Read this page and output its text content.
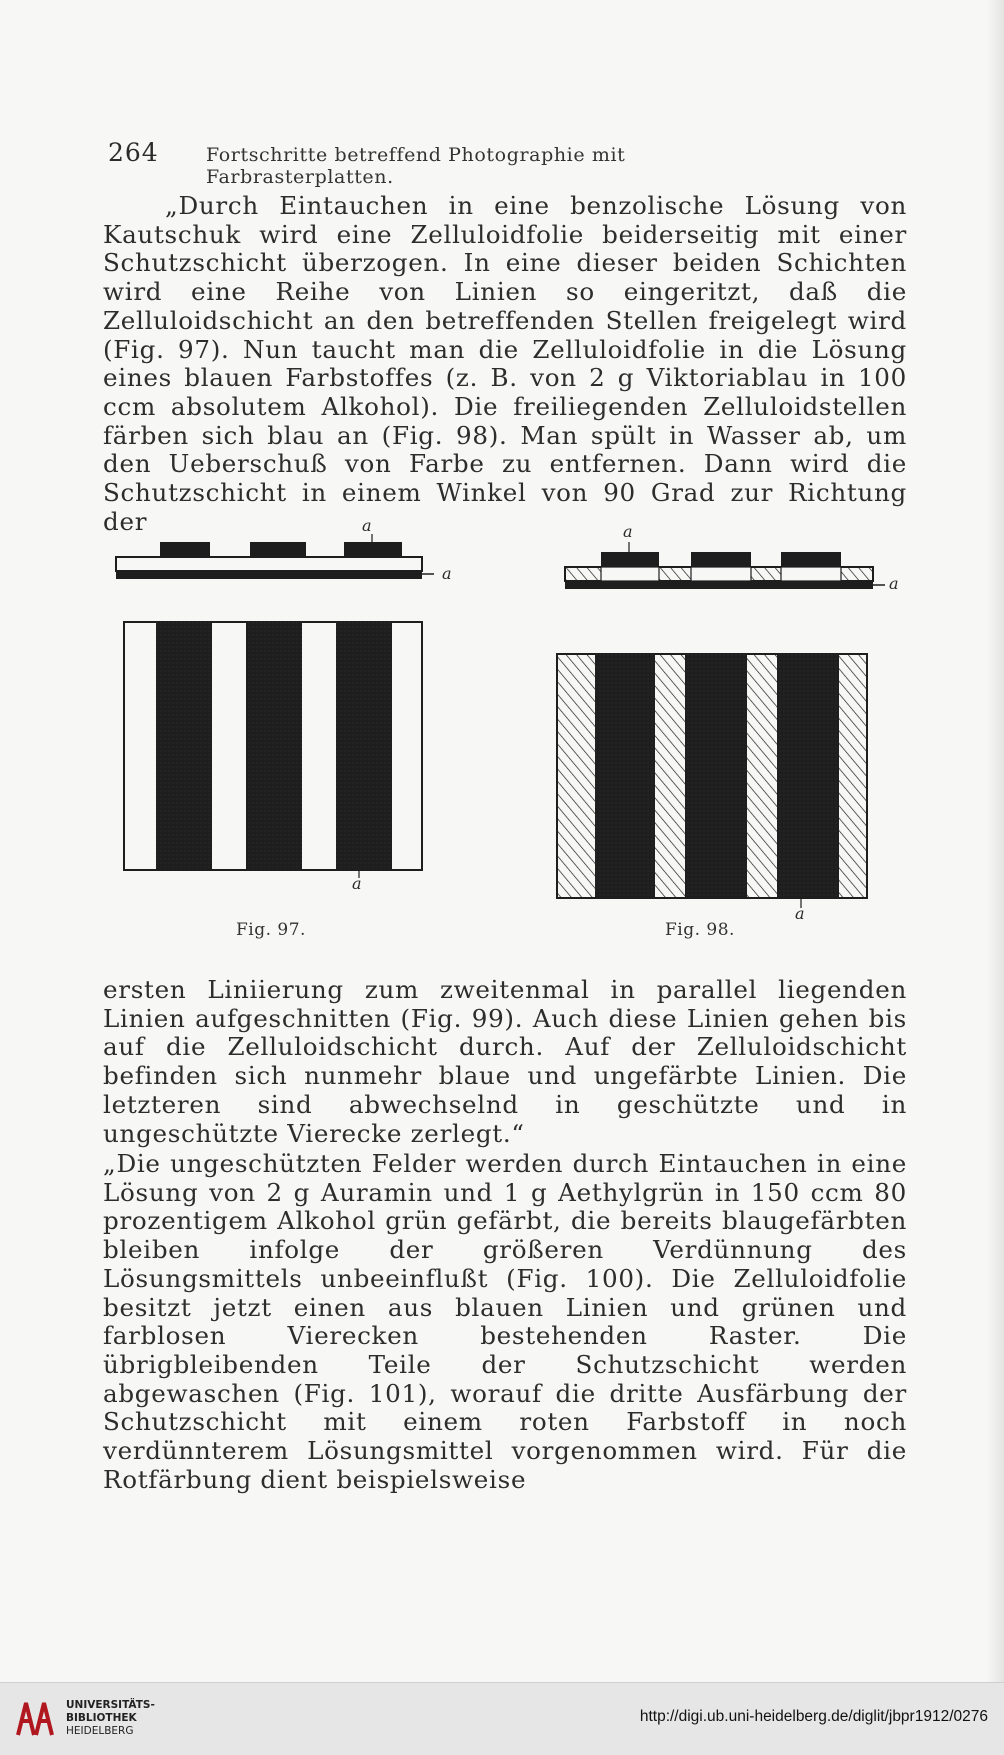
264 Fortschritte betreffend Photographie mit Farbrasterplatten.

„Durch Eintauchen in eine benzolische Lösung von Kautschuk wird eine Zelluloidfolie beiderseitig mit einer Schutzschicht überzogen. In eine dieser beiden Schichten wird eine Reihe von Linien so eingeritzt, daß die Zelluloidschicht an den betreffenden Stellen freigelegt wird (Fig. 97). Nun taucht man die Zelluloidfolie in die Lösung eines blauen Farbstoffes (z. B. von 2 g Viktoriablau in 100 ccm absolutem Alkohol). Die freiliegenden Zelluloidstellen färben sich blau an (Fig. 98). Man spült in Wasser ab, um den Ueberschuß von Farbe zu entfernen. Dann wird die Schutzschicht in einem Winkel von 90 Grad zur Richtung der	a
a
a
Fig. 97.
a
a
a
Fig. 98.

ersten Liniierung zum zweitenmal in parallel liegenden Linien aufgeschnitten (Fig. 99). Auch diese Linien gehen bis auf die Zelluloidschicht durch. Auf der Zelluloidschicht befinden sich nunmehr blaue und ungefärbte Linien. Die letzteren sind abwechselnd in geschützte und in ungeschützte Vierecke zerlegt.“

„Die ungeschützten Felder werden durch Eintauchen in eine Lösung von 2 g Auramin und 1 g Aethylgrün in 150 ccm 80 prozentigem Alkohol grün gefärbt, die bereits blaugefärbten bleiben infolge der größeren Verdünnung des Lösungsmittels unbeeinflußt (Fig. 100). Die Zelluloidfolie besitzt jetzt einen aus blauen Linien und grünen und farblosen Vierecken bestehenden Raster. Die übrigbleibenden Teile der Schutzschicht werden abgewaschen (Fig. 101), worauf die dritte Ausfärbung der Schutzschicht mit einem roten Farbstoff in noch verdünnterem Lösungsmittel vorgenommen wird. Für die Rotfärbung dient beispielsweise

UNIVERSITÄTS-
BIBLIOTHEK
HEIDELBERG
http://digi.ub.uni-heidelberg.de/diglit/jbpr1912/0276
